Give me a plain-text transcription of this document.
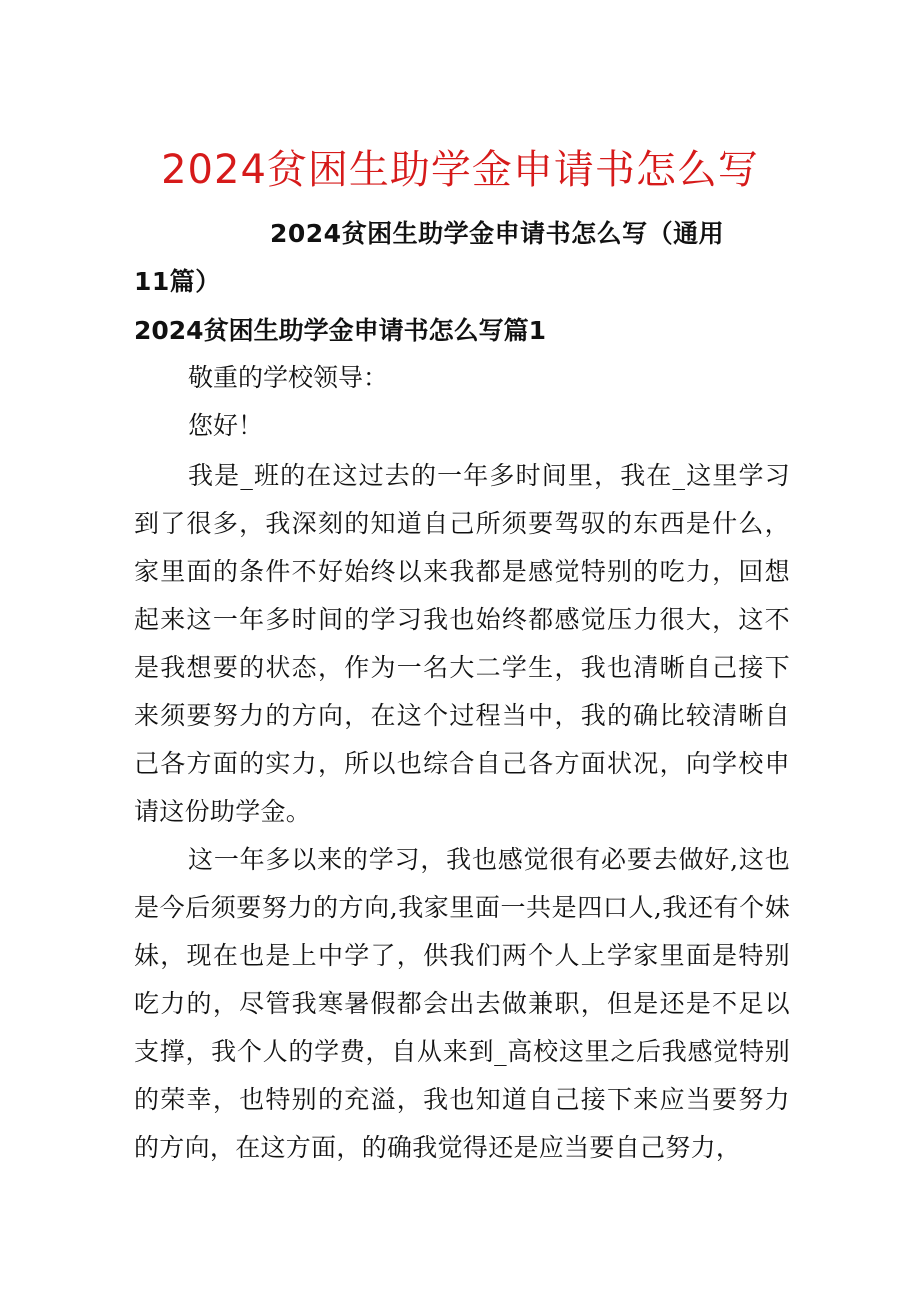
2024贫困生助学金申请书怎么写
2024贫困生助学金申请书怎么写（通用11篇）
2024贫困生助学金申请书怎么写篇1
敬重的学校领导：
您好！
我是_班的在这过去的一年多时间里，我在_这里学习到了很多，我深刻的知道自己所须要驾驭的东西是什么，家里面的条件不好始终以来我都是感觉特别的吃力，回想起来这一年多时间的学习我也始终都感觉压力很大，这不是我想要的状态，作为一名大二学生，我也清晰自己接下来须要努力的方向，在这个过程当中，我的确比较清晰自己各方面的实力，所以也综合自己各方面状况，向学校申请这份助学金。
这一年多以来的学习，我也感觉很有必要去做好,这也是今后须要努力的方向,我家里面一共是四口人,我还有个妹妹，现在也是上中学了，供我们两个人上学家里面是特别吃力的，尽管我寒暑假都会出去做兼职，但是还是不足以支撑，我个人的学费，自从来到_高校这里之后我感觉特别的荣幸，也特别的充溢，我也知道自己接下来应当要努力的方向，在这方面，的确我觉得还是应当要自己努力，
